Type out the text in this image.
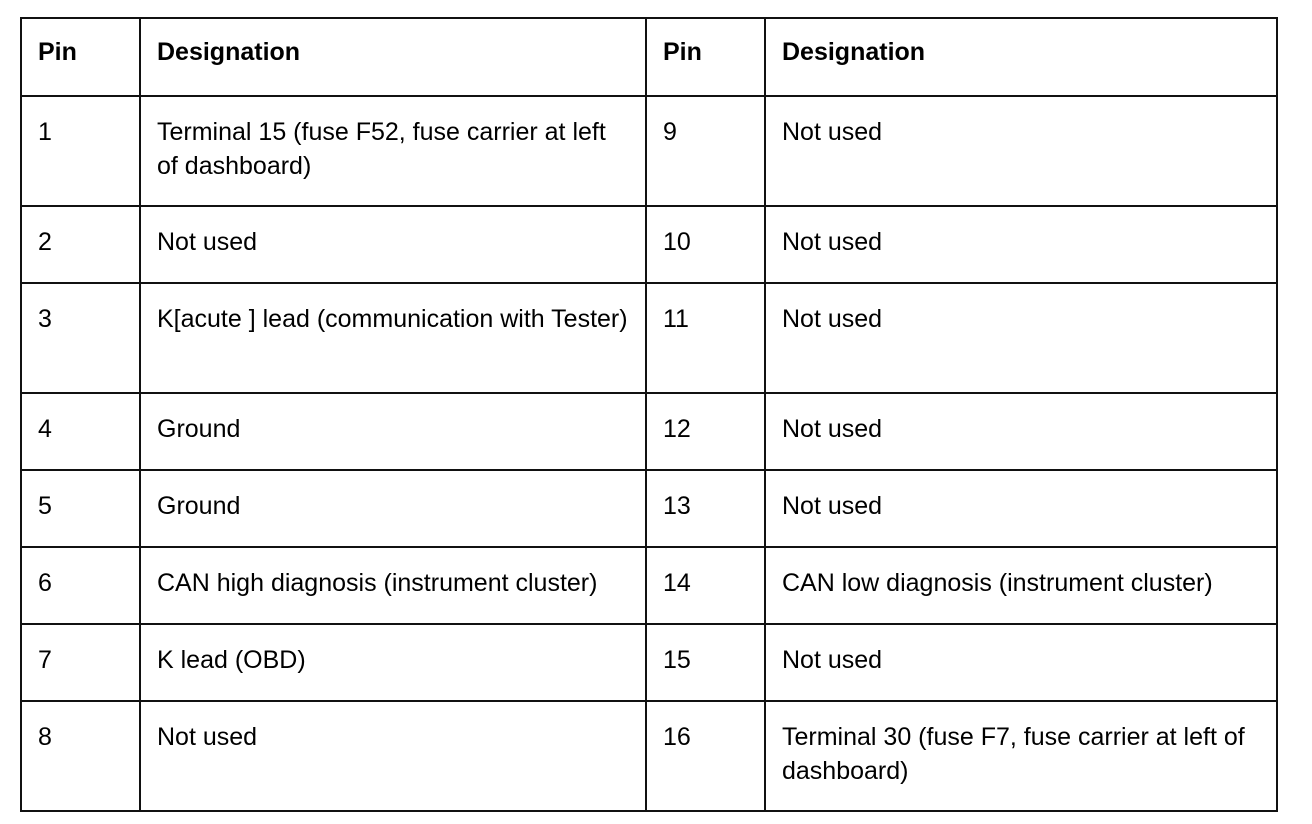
Pin	Designation	Pin	Designation
1	Terminal 15 (fuse F52, fuse carrier at left of dashboard)	9	Not used
2	Not used	10	Not used
3	K[acute ] lead (communication with Tester)	11	Not used
4	Ground	12	Not used
5	Ground	13	Not used
6	CAN high diagnosis (instrument cluster)	14	CAN low diagnosis (instrument cluster)
7	K lead (OBD)	15	Not used
8	Not used	16	Terminal 30 (fuse F7, fuse carrier at left of dashboard)
